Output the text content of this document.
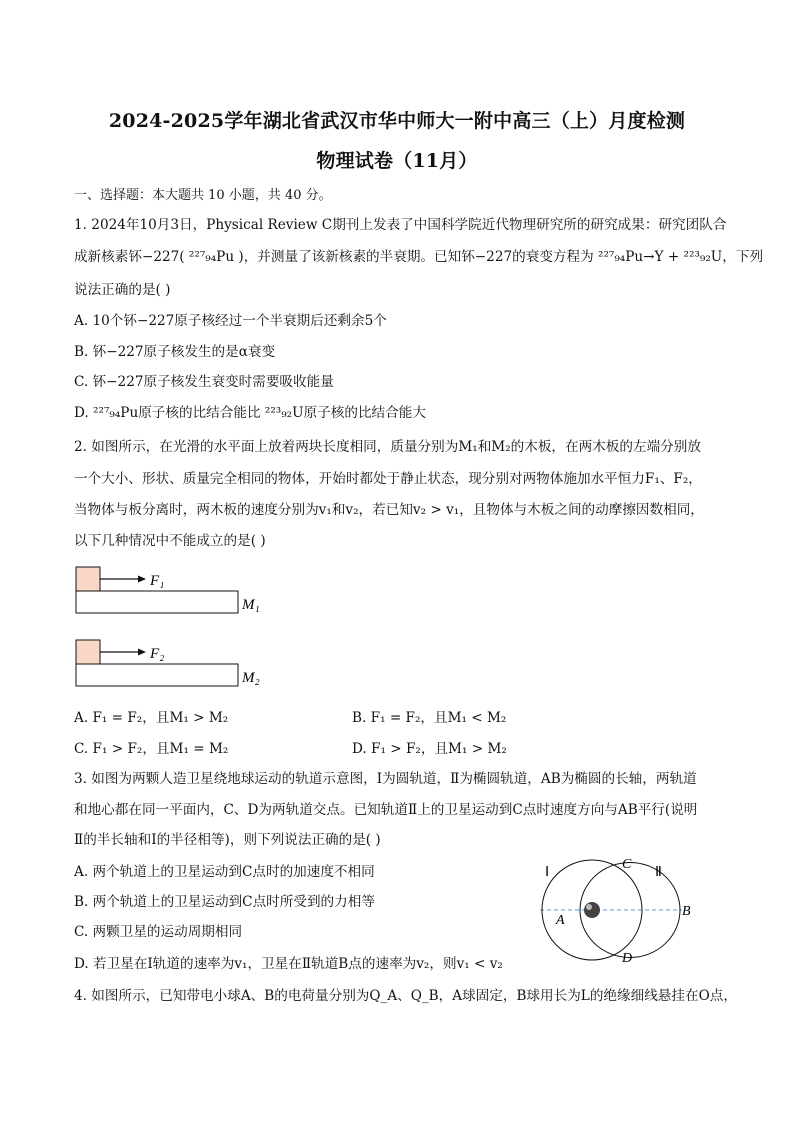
2024-2025学年湖北省武汉市华中师大一附中高三（上）月度检测
物理试卷（11月）
一、选择题：本大题共 10 小题，共 40 分。
1. 2024年10月3日，Physical Review C期刊上发表了中国科学院近代物理研究所的研究成果：研究团队合
成新核素钚−227( ²²⁷₉₄Pu )，并测量了该新核素的半衰期。已知钚−227的衰变方程为 ²²⁷₉₄Pu→Y + ²²³₉₂U，下列
说法正确的是( )
A. 10个钚−227原子核经过一个半衰期后还剩余5个
B. 钚−227原子核发生的是α衰变
C. 钚−227原子核发生衰变时需要吸收能量
D. ²²⁷₉₄Pu原子核的比结合能比 ²²³₉₂U原子核的比结合能大
2. 如图所示，在光滑的水平面上放着两块长度相同，质量分别为M₁和M₂的木板，在两木板的左端分别放
一个大小、形状、质量完全相同的物体，开始时都处于静止状态，现分别对两物体施加水平恒力F₁、F₂，
当物体与板分离时，两木板的速度分别为v₁和v₂，若已知v₂ > v₁，且物体与木板之间的动摩擦因数相同，
以下几种情况中不能成立的是( )
F₁
M₁
F₂
M₂
A. F₁ = F₂，且M₁ > M₂	B. F₁ = F₂，且M₁ < M₂
C. F₁ > F₂，且M₁ = M₂	D. F₁ > F₂，且M₁ > M₂
3. 如图为两颗人造卫星绕地球运动的轨道示意图，Ⅰ为圆轨道，Ⅱ为椭圆轨道，AB为椭圆的长轴，两轨道
和地心都在同一平面内，C、D为两轨道交点。已知轨道Ⅱ上的卫星运动到C点时速度方向与AB平行(说明
Ⅱ的半长轴和Ⅰ的半径相等)，则下列说法正确的是( )
A. 两个轨道上的卫星运动到C点时的加速度不相同
B. 两个轨道上的卫星运动到C点时所受到的力相等
C. 两颗卫星的运动周期相同
D. 若卫星在Ⅰ轨道的速率为v₁，卫星在Ⅱ轨道B点的速率为v₂，则v₁ < v₂
Ⅰ	Ⅱ
C
A
B
D
4. 如图所示，已知带电小球A、B的电荷量分别为Q_A、Q_B，A球固定，B球用长为L的绝缘细线悬挂在O点，
